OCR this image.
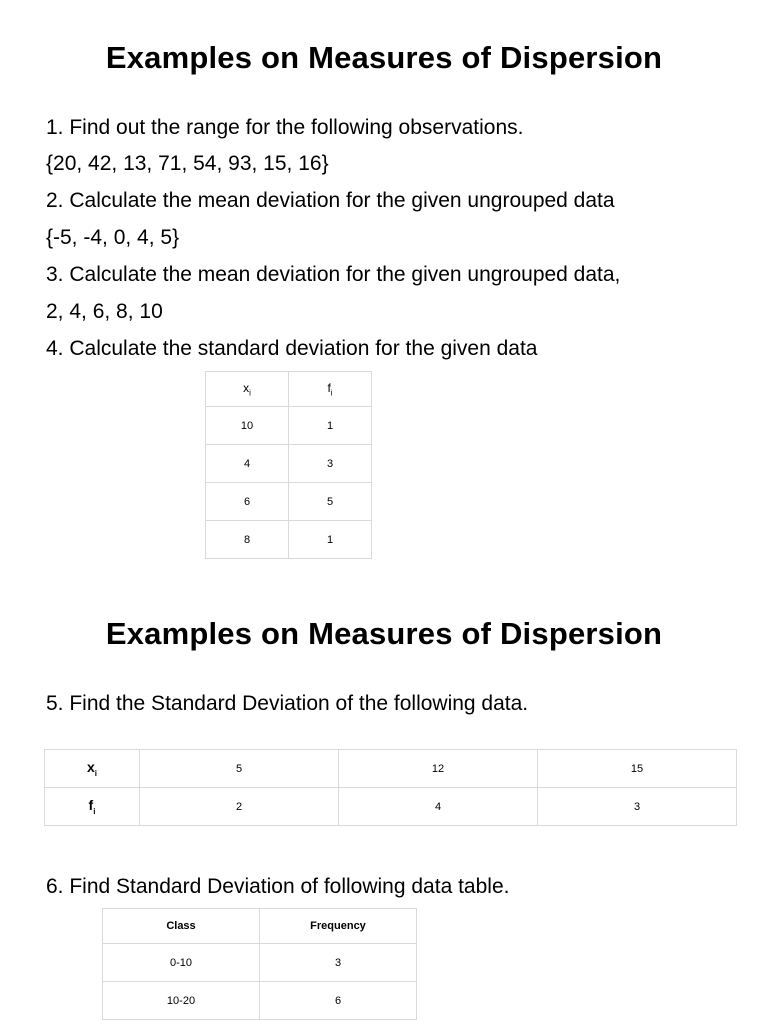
Examples on Measures of Dispersion
1. Find out the range for the following observations.
{20, 42, 13, 71, 54, 93, 15, 16}
2. Calculate the mean deviation for the given ungrouped data
{-5, -4, 0, 4, 5}
3. Calculate the mean deviation for the given ungrouped data,
2, 4, 6, 8, 10
4. Calculate the standard deviation for the given data
$x_i$	$f_i$
10	1
4	3
6	5
8	1
Examples on Measures of Dispersion
5. Find the Standard Deviation of the following data.
$x_i$	5	12	15
$f_i$	2	4	3
6. Find Standard Deviation of following data table.
Class	Frequency
0-10	3
10-20	6
